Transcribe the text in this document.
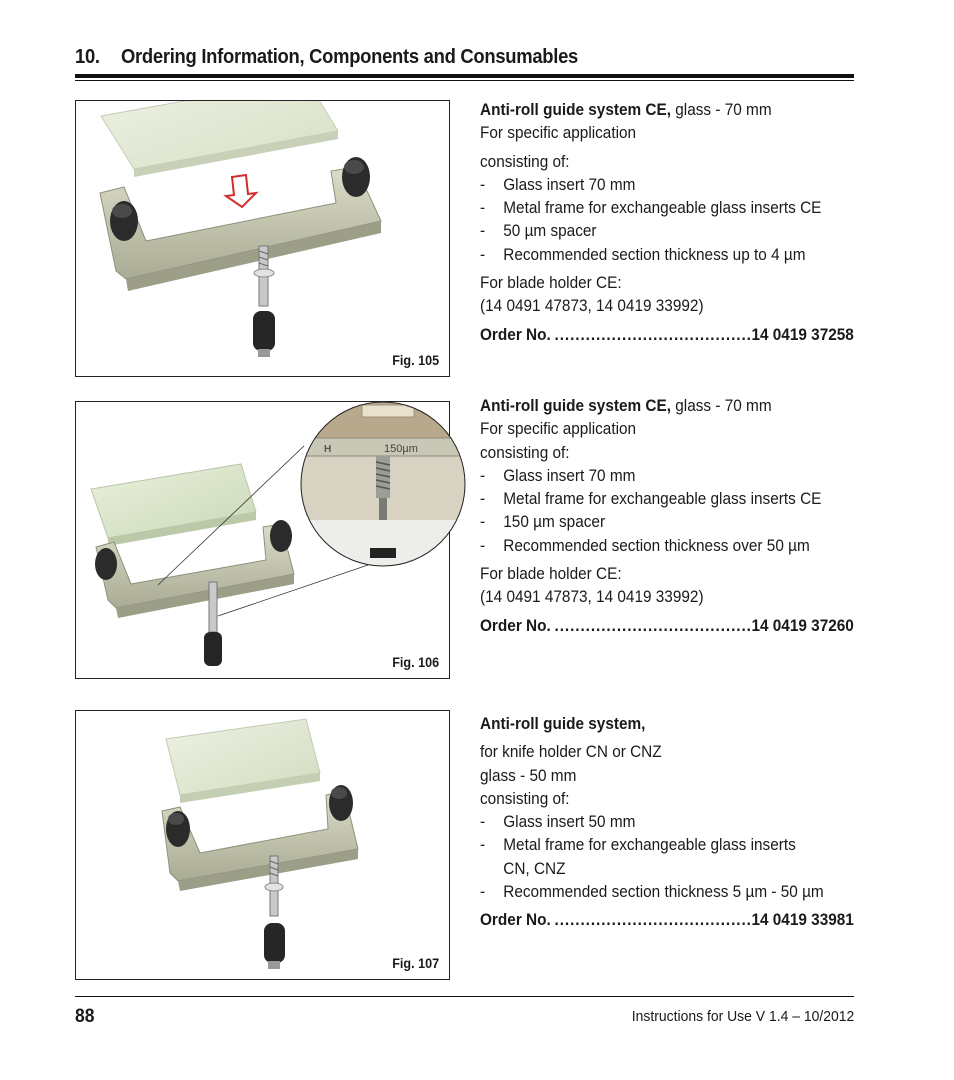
10. Ordering Information, Components and Consumables
Fig. 105
Anti-roll guide system CE, glass - 70 mm
For specific application
consisting of:
- Glass insert 70 mm
- Metal frame for exchangeable glass inserts CE
- 50 µm spacer
- Recommended section thickness up to 4 µm
For blade holder CE:
(14 0491 47873, 14 0419 33992)
Order No. .....	14 0419 37258
H	150µm
Fig. 106
Anti-roll guide system CE, glass - 70 mm
For specific application
consisting of:
- Glass insert 70 mm
- Metal frame for exchangeable glass inserts CE
- 150 µm spacer
- Recommended section thickness over 50 µm
For blade holder CE:
(14 0491 47873, 14 0419 33992)
Order No. .....	14 0419 37260
Fig. 107
Anti-roll guide system,
for knife holder CN or CNZ
glass - 50 mm
consisting of:
- Glass insert 50 mm
- Metal frame for exchangeable glass inserts
CN, CNZ
- Recommended section thickness 5 µm - 50 µm
Order No. .....	14 0419 33981
88	Instructions for Use V 1.4 – 10/2012
